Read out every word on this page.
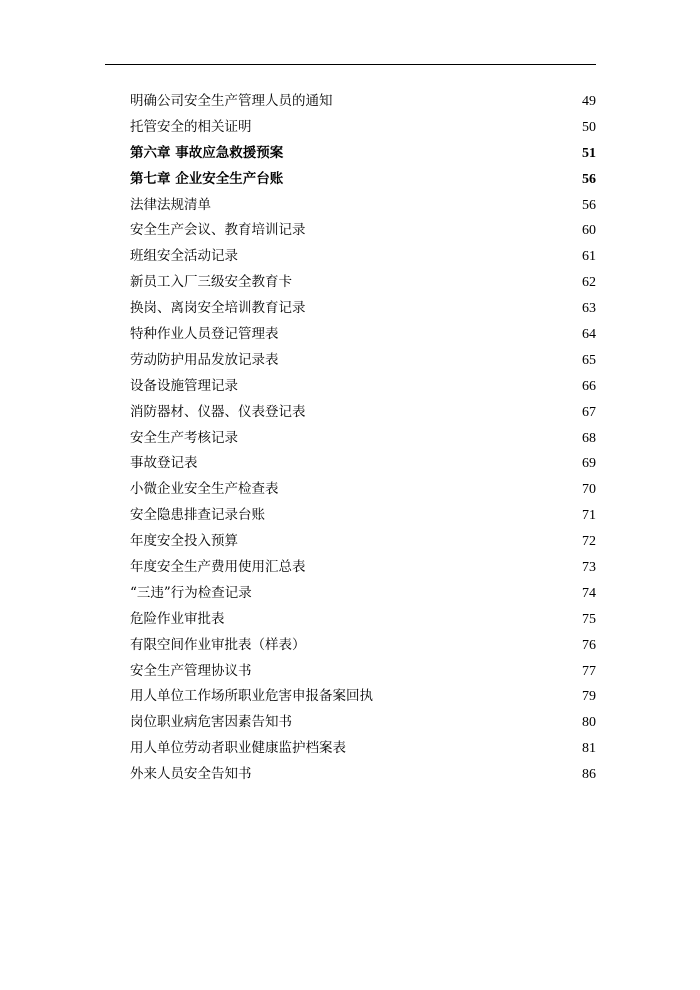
明确公司安全生产管理人员的通知	49
托管安全的相关证明	50
第六章 事故应急救援预案	51
第七章 企业安全生产台账	56
法律法规清单	56
安全生产会议、教育培训记录	60
班组安全活动记录	61
新员工入厂三级安全教育卡	62
换岗、离岗安全培训教育记录	63
特种作业人员登记管理表	64
劳动防护用品发放记录表	65
设备设施管理记录	66
消防器材、仪器、仪表登记表	67
安全生产考核记录	68
事故登记表	69
小微企业安全生产检查表	70
安全隐患排查记录台账	71
年度安全投入预算	72
年度安全生产费用使用汇总表	73
“三违”行为检查记录	74
危险作业审批表	75
有限空间作业审批表（样表）	76
安全生产管理协议书	77
用人单位工作场所职业危害申报备案回执	79
岗位职业病危害因素告知书	80
用人单位劳动者职业健康监护档案表	81
外来人员安全告知书	86
